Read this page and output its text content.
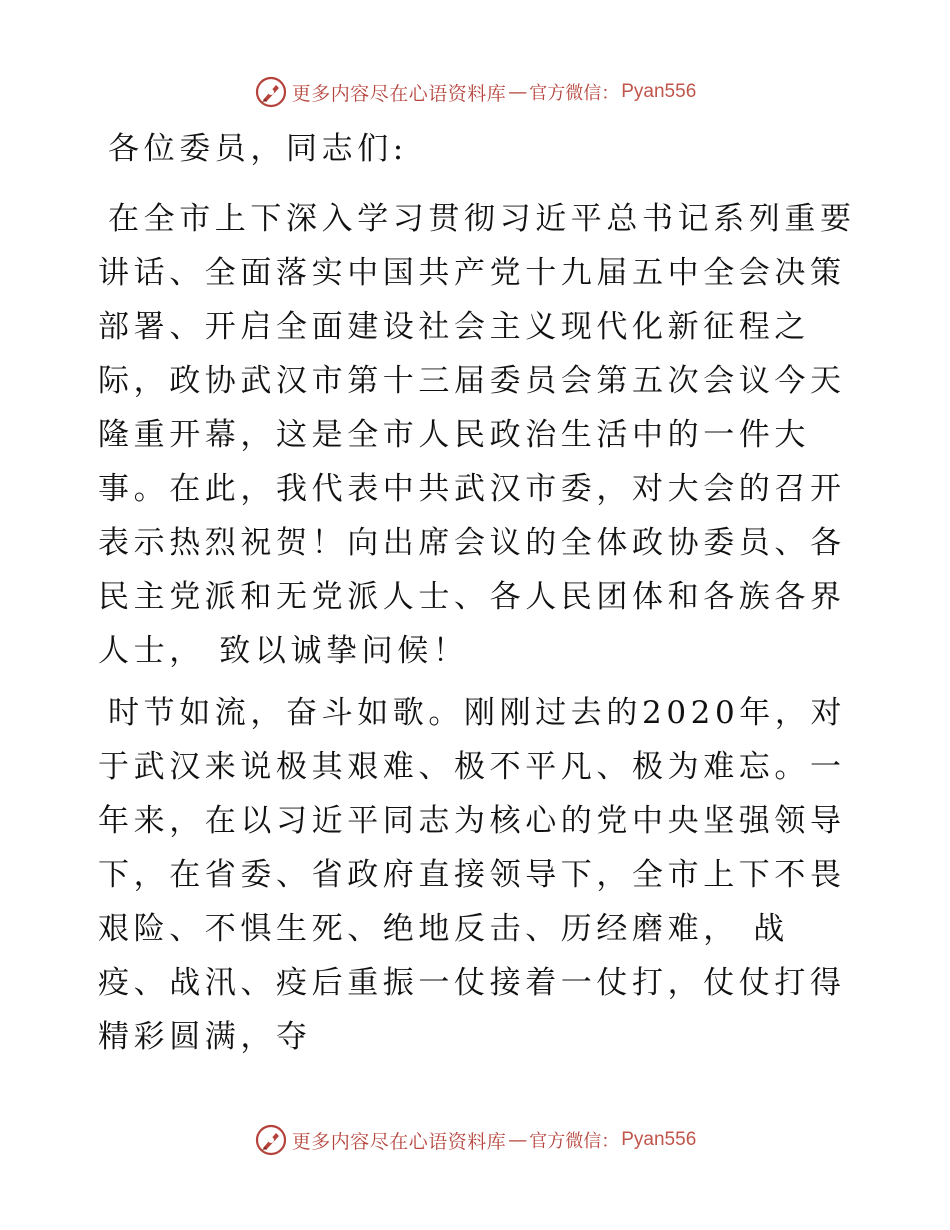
更多内容尽在心语资料库 — 官方微信： Pyan556

各位委员，同志们:

在全市上下深入学习贯彻习近平总书记系列重要讲话、全面落实中国共产党十九届五中全会决策部署、开启全面建设社会主义现代化新征程之际，政协武汉市第十三届委员会第五次会议今天隆重开幕，这是全市人民政治生活中的一件大事。在此，我代表中共武汉市委，对大会的召开表示热烈祝贺！向出席会议的全体政协委员、各民主党派和无党派人士、各人民团体和各族各界人士， 致以诚挚问候！

时节如流，奋斗如歌。刚刚过去的2020年，对于武汉来说极其艰难、极不平凡、极为难忘。一年来，在以习近平同志为核心的党中央坚强领导下，在省委、省政府直接领导下，全市上下不畏艰险、不惧生死、绝地反击、历经磨难， 战疫、战汛、疫后重振一仗接着一仗打，仗仗打得精彩圆满，夺

更多内容尽在心语资料库 — 官方微信： Pyan556
